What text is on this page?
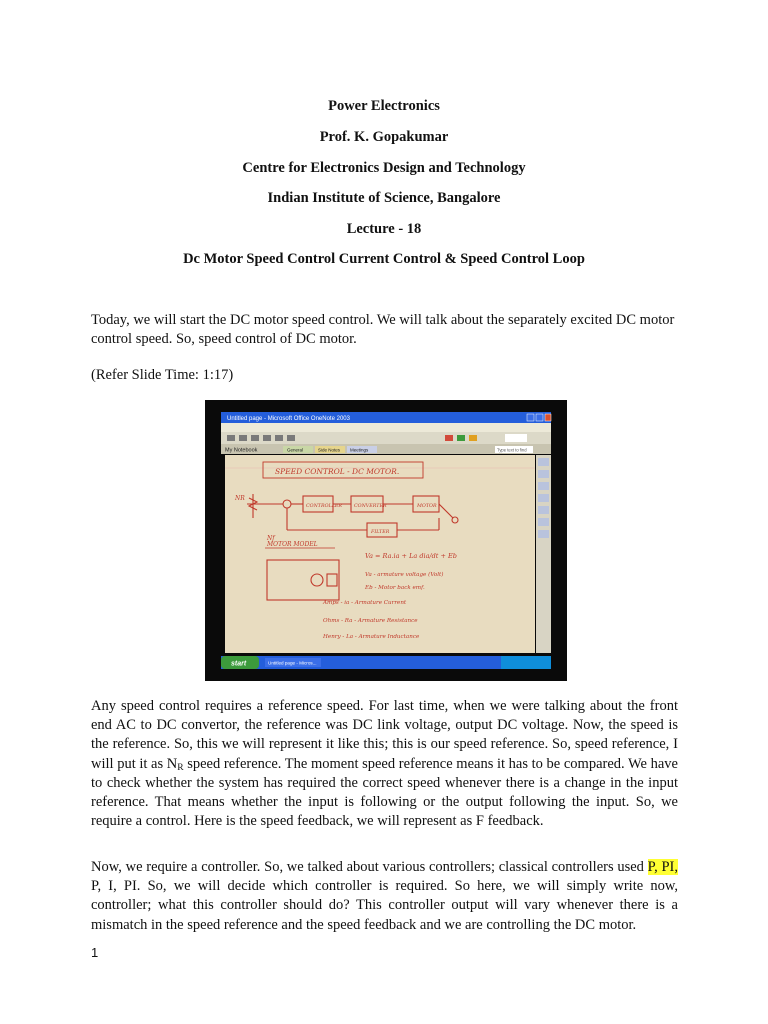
Power Electronics
Prof. K. Gopakumar
Centre for Electronics Design and Technology
Indian Institute of Science, Bangalore
Lecture - 18
Dc Motor Speed Control Current Control & Speed Control Loop

Today, we will start the DC motor speed control. We will talk about the separately excited DC motor control speed. So, speed control of DC motor.

(Refer Slide Time: 1:17)

Untitled page - Microsoft Office OneNote 2003
My Notebook	General	Side Notes Meetings	Type text to find
SPEED CONTROL - DC MOTOR.
CONTROLLER CONVERTER	MOTOR
FILTER
NR
Nf
MOTOR MODEL
Va = Ra.ia + La dia/dt + Eb
Va - armature voltage (Volt)
Eb - Motor back emf.
Amps - ia - Armature Current
Ohms - Ra - Armature Resistance
Henry - La - Armature Inductance
start	Untitled page - Micros...

Any speed control requires a reference speed. For last time, when we were talking about the front end AC to DC convertor, the reference was DC link voltage, output DC voltage. Now, the speed is the reference. So, this we will represent it like this; this is our speed reference. So, speed reference, I will put it as $N_R$ speed reference. The moment speed reference means it has to be compared. We have to check whether the system has required the correct speed whenever there is a change in the input reference. That means whether the input is following or the output following the input. So, we require a control. Here is the speed feedback, we will represent as F feedback.

Now, we require a controller. So, we talked about various controllers; classical controllers used P, PI, P, I, PI. So, we will decide which controller is required. So here, we will simply write now, controller; what this controller should do? This controller output will vary whenever there is a mismatch in the speed reference and the speed feedback and we are controlling the DC motor.

1
